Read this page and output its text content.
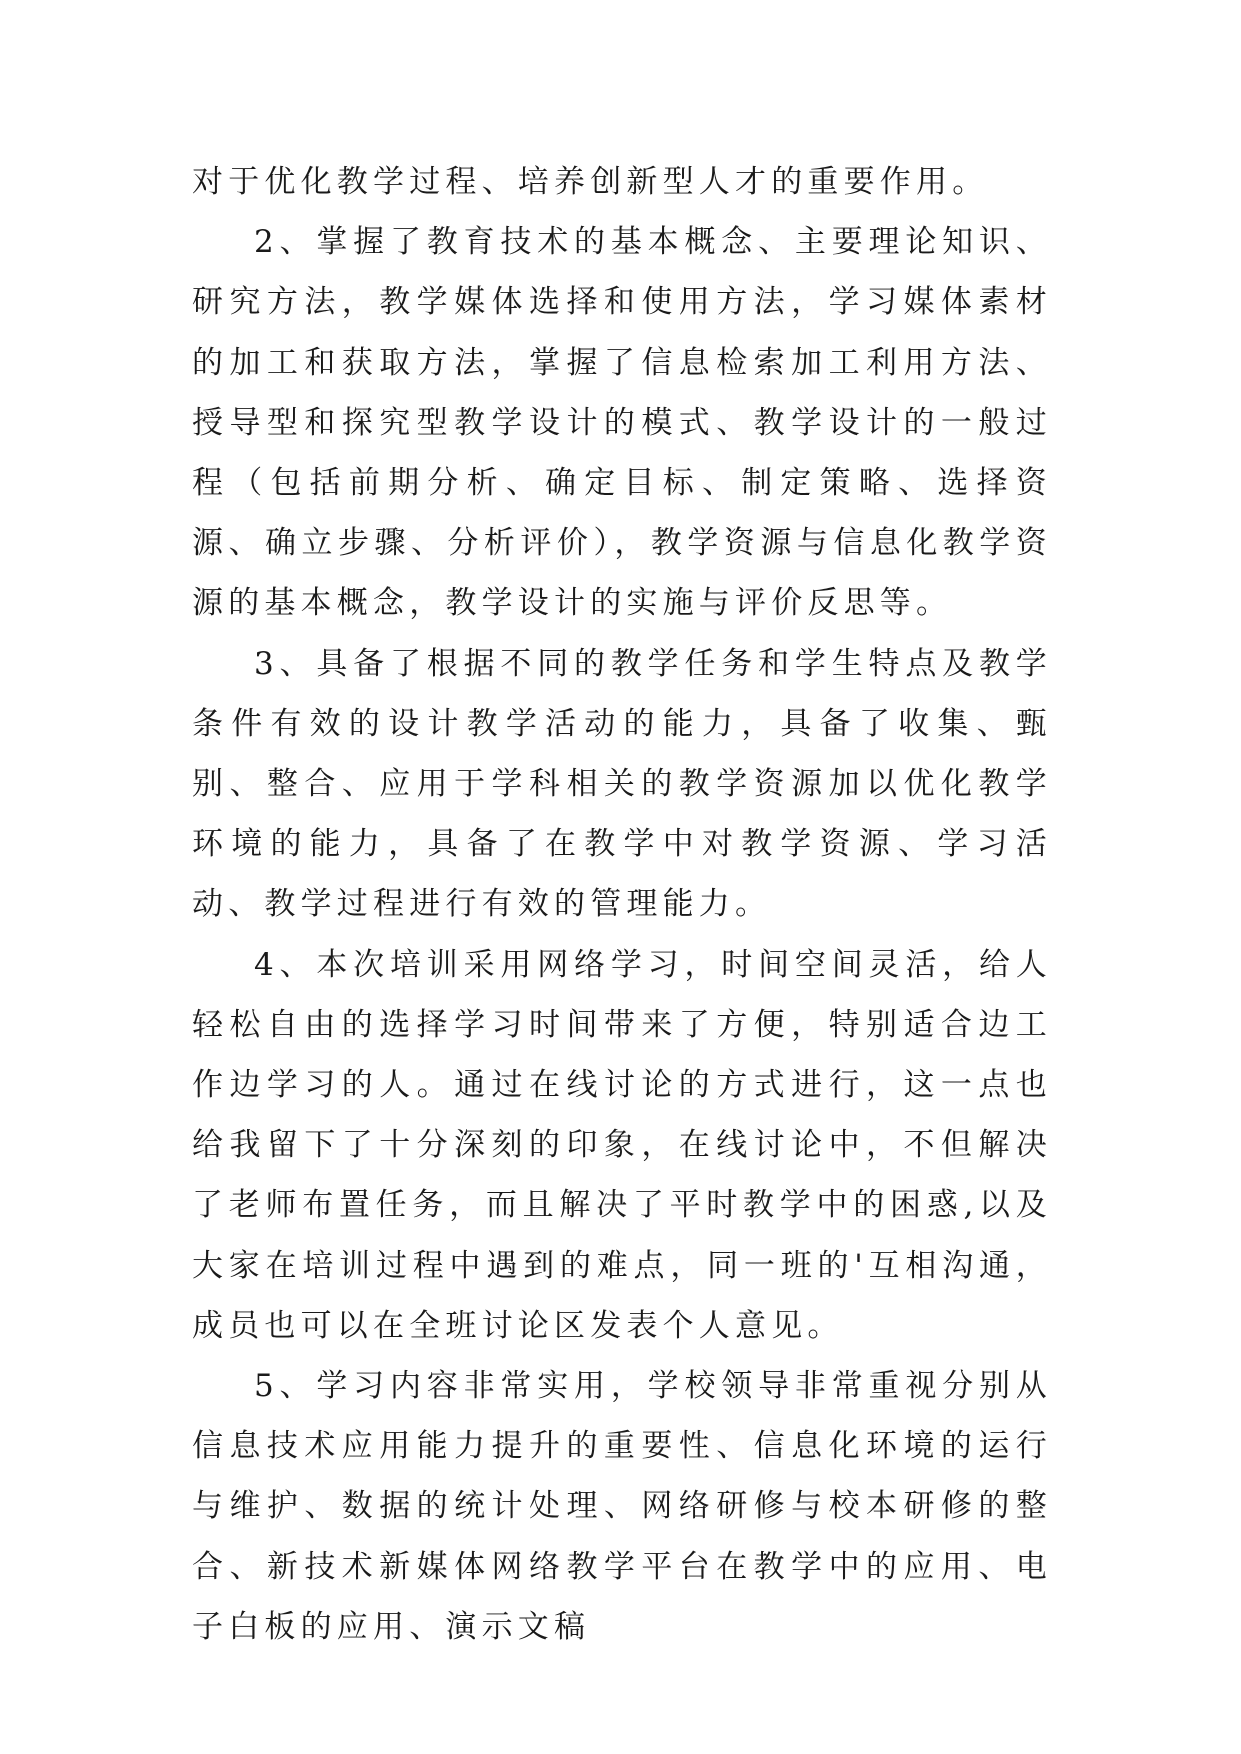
对于优化教学过程、培养创新型人才的重要作用。

2、掌握了教育技术的基本概念、主要理论知识、研究方法，教学媒体选择和使用方法，学习媒体素材的加工和获取方法，掌握了信息检索加工利用方法、授导型和探究型教学设计的模式、教学设计的一般过程（包括前期分析、确定目标、制定策略、选择资源、确立步骤、分析评价），教学资源与信息化教学资源的基本概念，教学设计的实施与评价反思等。

3、具备了根据不同的教学任务和学生特点及教学条件有效的设计教学活动的能力，具备了收集、甄别、整合、应用于学科相关的教学资源加以优化教学环境的能力，具备了在教学中对教学资源、学习活动、教学过程进行有效的管理能力。

4、本次培训采用网络学习，时间空间灵活，给人轻松自由的选择学习时间带来了方便，特别适合边工作边学习的人。通过在线讨论的方式进行，这一点也给我留下了十分深刻的印象，在线讨论中，不但解决了老师布置任务，而且解决了平时教学中的困惑,以及大家在培训过程中遇到的难点，同一班的'互相沟通，成员也可以在全班讨论区发表个人意见。

5、学习内容非常实用，学校领导非常重视分别从信息技术应用能力提升的重要性、信息化环境的运行与维护、数据的统计处理、网络研修与校本研修的整合、新技术新媒体网络教学平台在教学中的应用、电子白板的应用、演示文稿
